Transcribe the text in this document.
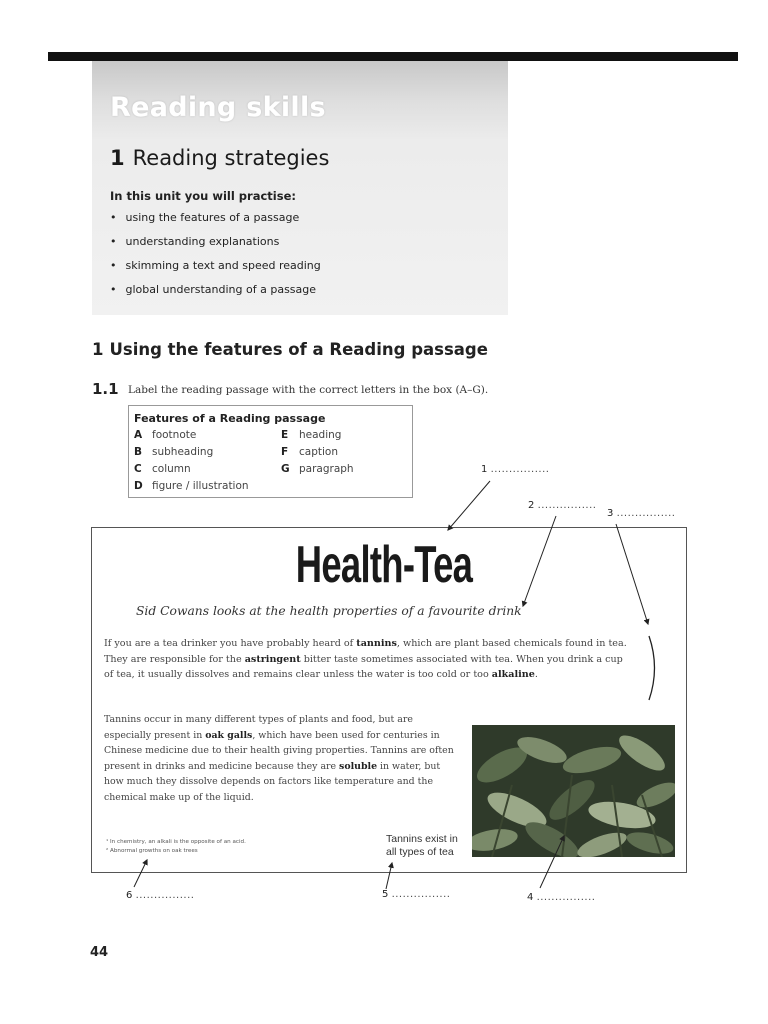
Reading skills
1 Reading strategies
In this unit you will practise:
• using the features of a passage
• understanding explanations
• skimming a text and speed reading
• global understanding of a passage
1 Using the features of a Reading passage
1.1 Label the reading passage with the correct letters in the box (A–G).
Features of a Reading passage
A footnote
B subheading
C column
D figure / illustration
E heading
F caption
G paragraph	1 ................
2 ................
3 ................
4 ................
5 ................
6 ................
Health-Tea
Sid Cowans looks at the health properties of a favourite drink
If you are a tea drinker you have probably heard of tannins, which are plant based chemicals found in tea. They are responsible for the astringent bitter taste sometimes associated with tea. When you drink a cup of tea, it usually dissolves and remains clear unless the water is too cold or too alkaline.
Tannins occur in many different types of plants and food, but are especially present in oak galls, which have been used for centuries in Chinese medicine due to their health giving properties. Tannins are often present in drinks and medicine because they are soluble in water, but how much they dissolve depends on factors like temperature and the chemical make up of the liquid.
¹ In chemistry, an alkali is the opposite of an acid.
² Abnormal growths on oak trees
Tannins exist in
all types of tea
44
